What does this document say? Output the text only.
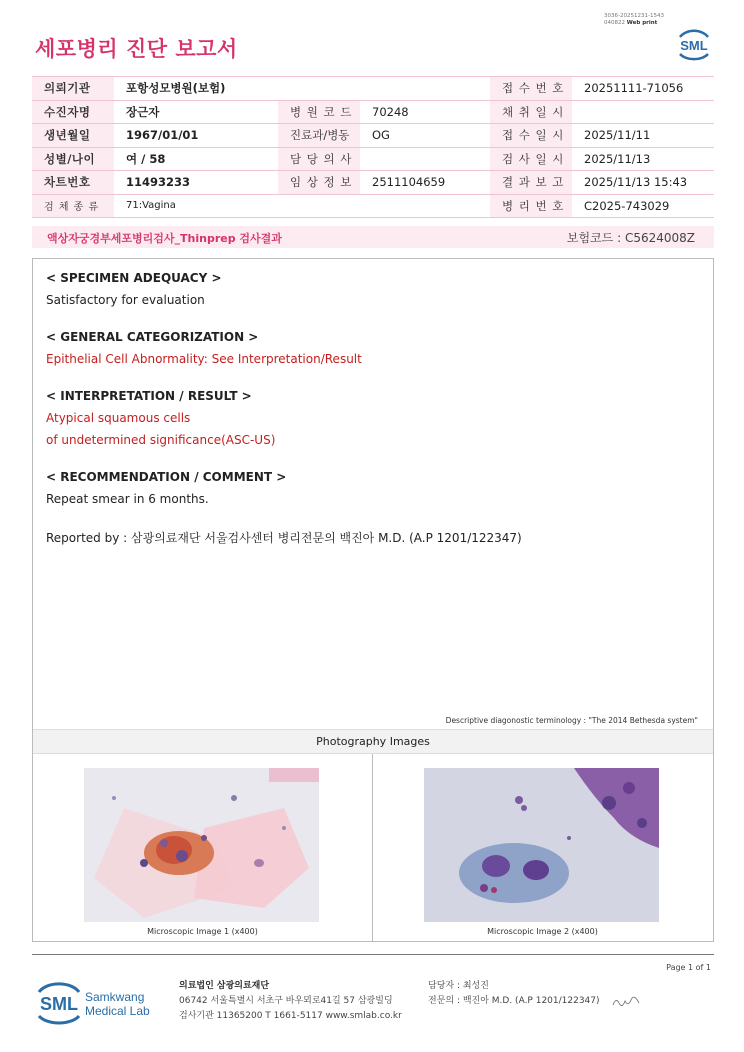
세포병리 진단 보고서
3036-20251231-1543
040822 Web print
SML
의뢰기관	포항성모병원(보험)			접 수 번 호	20251111-71056
수진자명	장근자	병 원 코 드	70248	채 취 일 시	
생년월일	1967/01/01	진료과/병동	OG	접 수 일 시	2025/11/11
성별/나이	여 / 58	담 당 의 사		검 사 일 시	2025/11/13
차트번호	11493233	임 상 정 보	2511104659	결 과 보 고	2025/11/13 15:43
검 체 종 류	71:Vagina			병 리 번 호	C2025-743029
액상자궁경부세포병리검사_Thinprep 검사결과	보험코드 : C5624008Z
< SPECIMEN ADEQUACY >
Satisfactory for evaluation
< GENERAL CATEGORIZATION >
Epithelial Cell Abnormality: See Interpretation/Result
< INTERPRETATION / RESULT >
Atypical squamous cells
of undetermined significance(ASC-US)
< RECOMMENDATION / COMMENT >
Repeat smear in 6 months.
Reported by : 삼광의료재단 서울검사센터 병리전문의 백진아 M.D. (A.P 1201/122347)
Descriptive diagonostic terminology : "The 2014 Bethesda system"
Photography Images
Microscopic Image 1 (x400)	Microscopic Image 2 (x400)
Page 1 of 1
SML Samkwang
Medical Lab
의료법인 삼광의료재단
06742 서울특별시 서초구 바우뫼로41길 57 삼광빌딩
검사기관 11365200 T 1661-5117 www.smlab.co.kr
담당자 : 최성진
전문의 : 백진아 M.D. (A.P 1201/122347)
